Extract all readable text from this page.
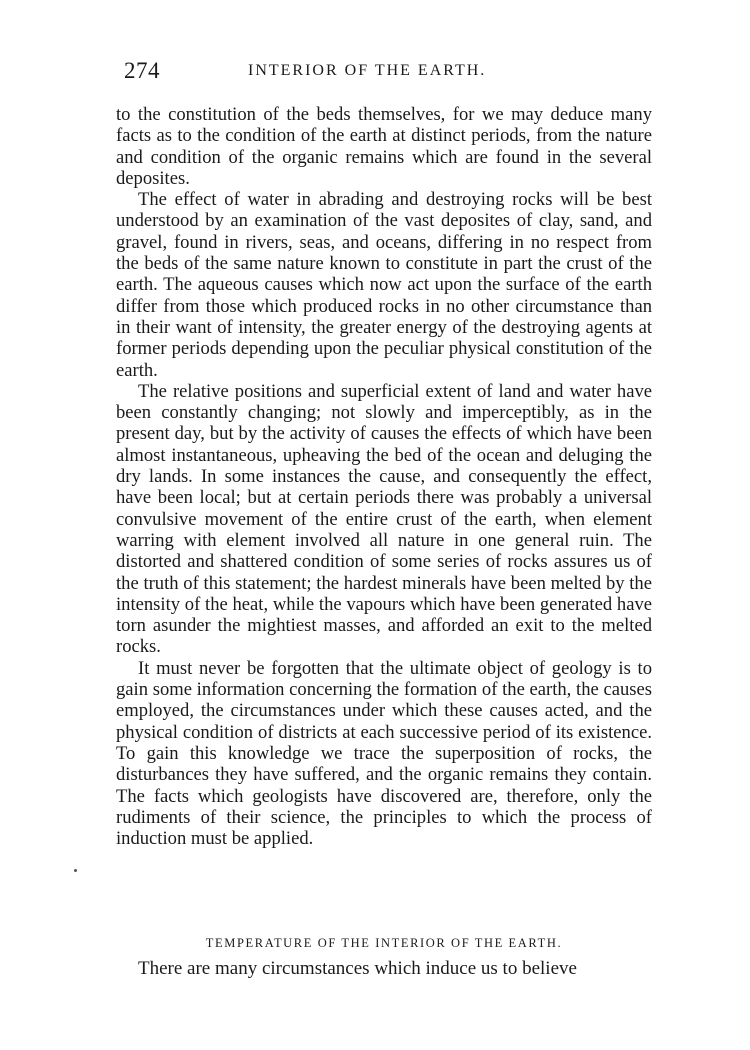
274	INTERIOR OF THE EARTH.

to the constitution of the beds themselves, for we may deduce many facts as to the condition of the earth at distinct periods, from the nature and condition of the organic remains which are found in the several deposites.

The effect of water in abrading and destroying rocks will be best understood by an examination of the vast deposites of clay, sand, and gravel, found in rivers, seas, and oceans, differing in no respect from the beds of the same nature known to constitute in part the crust of the earth. The aqueous causes which now act upon the surface of the earth differ from those which produced rocks in no other circumstance than in their want of intensity, the greater energy of the destroying agents at former periods depending upon the peculiar physical constitution of the earth.

The relative positions and superficial extent of land and water have been constantly changing; not slowly and imperceptibly, as in the present day, but by the activity of causes the effects of which have been almost instantaneous, upheaving the bed of the ocean and deluging the dry lands. In some instances the cause, and consequently the effect, have been local; but at certain periods there was probably a universal convulsive movement of the entire crust of the earth, when element warring with element involved all nature in one general ruin. The distorted and shattered condition of some series of rocks assures us of the truth of this statement; the hardest minerals have been melted by the intensity of the heat, while the vapours which have been generated have torn asunder the mightiest masses, and afforded an exit to the melted rocks.

It must never be forgotten that the ultimate object of geology is to gain some information concerning the formation of the earth, the causes employed, the circumstances under which these causes acted, and the physical condition of districts at each successive period of its existence. To gain this knowledge we trace the superposition of rocks, the disturbances they have suffered, and the organic remains they contain. The facts which geologists have discovered are, therefore, only the rudiments of their science, the principles to which the process of induction must be applied.

TEMPERATURE OF THE INTERIOR OF THE EARTH.
There are many circumstances which induce us to believe
